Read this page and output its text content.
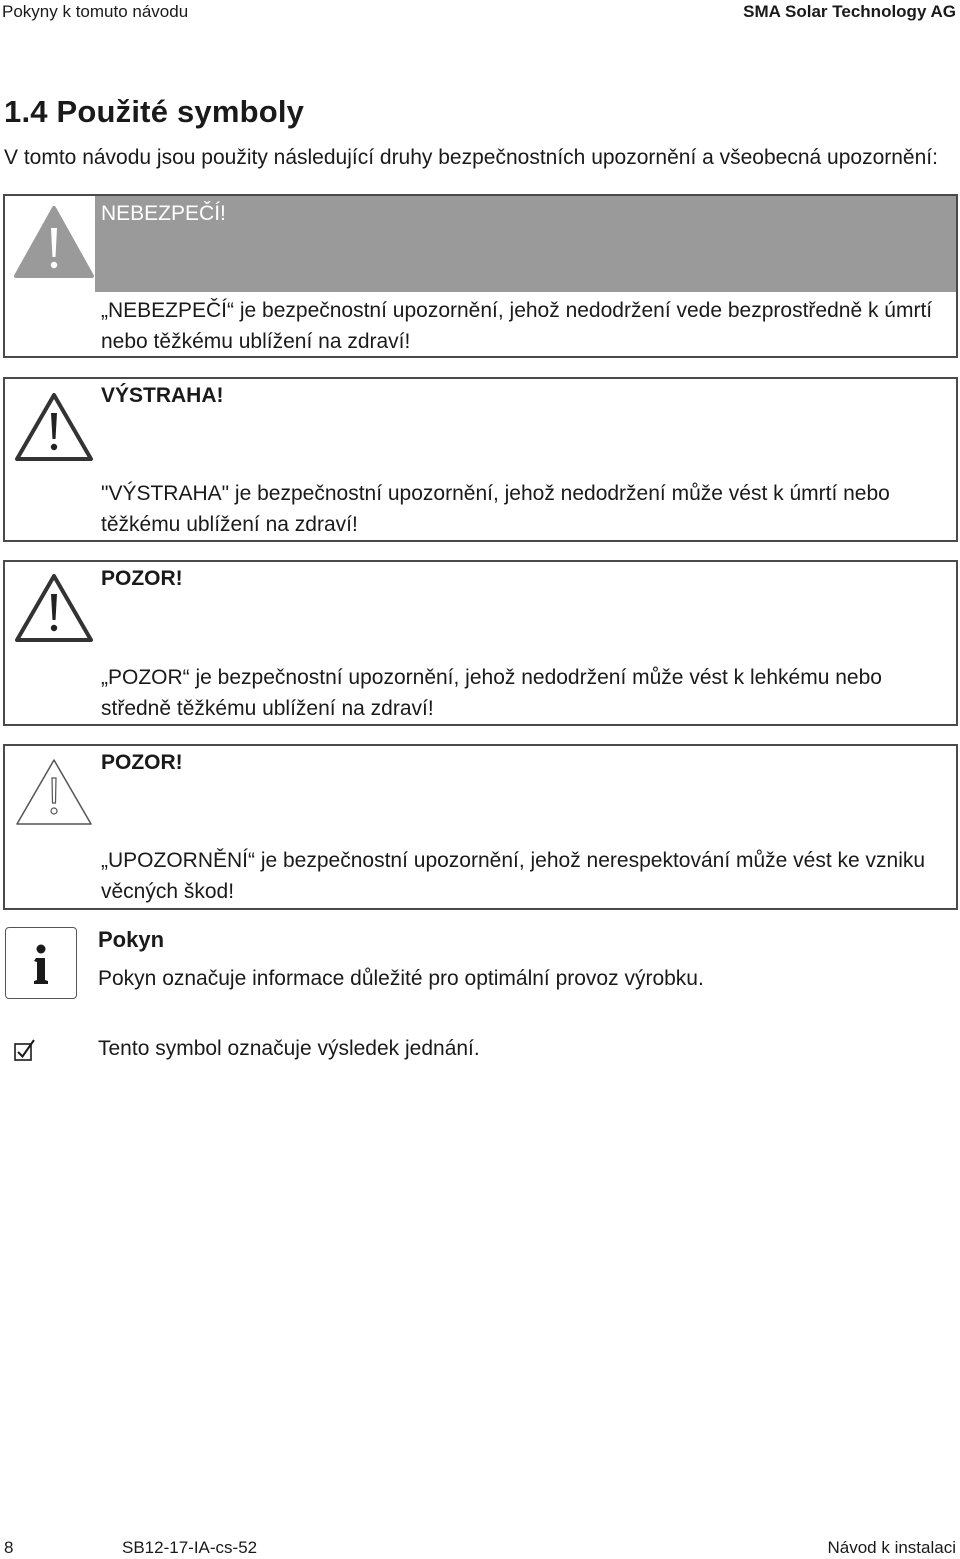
Pokyny k tomuto návodu	SMA Solar Technology AG
1.4 Použité symboly
V tomto návodu jsou použity následující druhy bezpečnostních upozornění a všeobecná upozornění:
NEBEZPEČÍ!
„NEBEZPEČÍ“ je bezpečnostní upozornění, jehož nedodržení vede bezprostředně k úmrtí nebo těžkému ublížení na zdraví!
VÝSTRAHA!
"VÝSTRAHA" je bezpečnostní upozornění, jehož nedodržení může vést k úmrtí nebo těžkému ublížení na zdraví!
POZOR!
„POZOR“ je bezpečnostní upozornění, jehož nedodržení může vést k lehkému nebo středně těžkému ublížení na zdraví!
POZOR!
„UPOZORNĚNÍ“ je bezpečnostní upozornění, jehož nerespektování může vést ke vzniku věcných škod!
Pokyn
Pokyn označuje informace důležité pro optimální provoz výrobku.
Tento symbol označuje výsledek jednání.
8	SB12-17-IA-cs-52	Návod k instalaci
